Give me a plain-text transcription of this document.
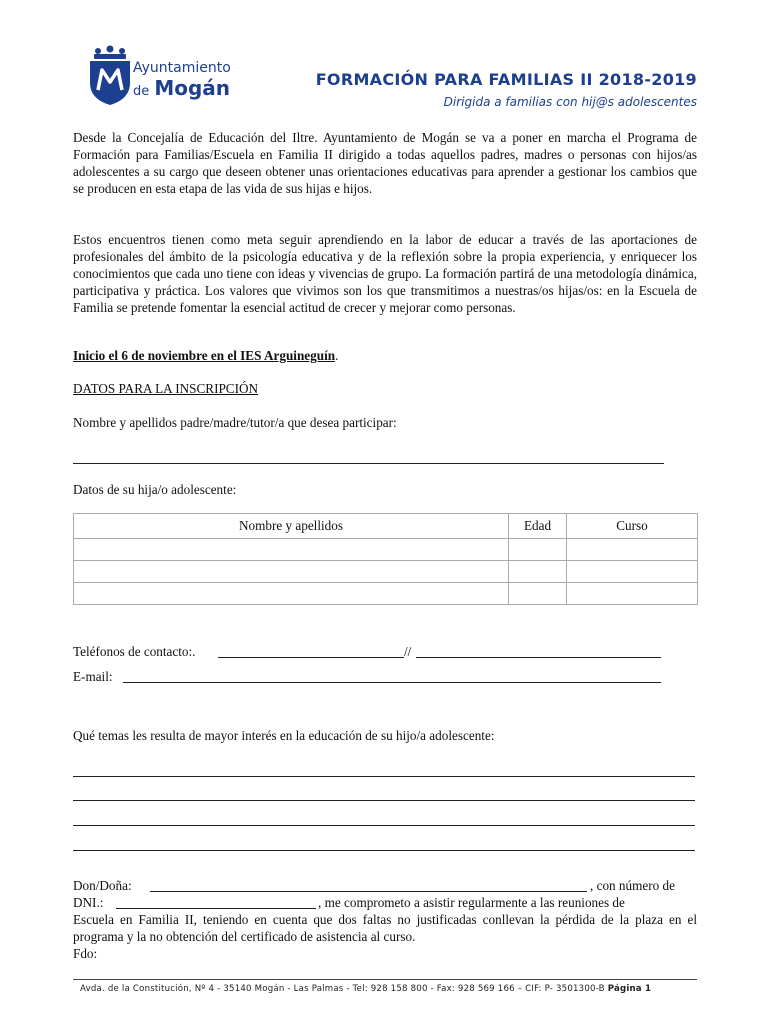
Ayuntamiento
de Mogán	FORMACIÓN PARA FAMILIAS II 2018-2019
Dirigida a familias con hij@s adolescentes

Desde la Concejalía de Educación del Iltre. Ayuntamiento de Mogán se va a poner en marcha el Programa de Formación para Familias/Escuela en Familia II dirigido a todas aquellos padres, madres o personas con hijos/as adolescentes a su cargo que deseen obtener unas orientaciones educativas para aprender a gestionar los cambios que se producen en esta etapa de las vida de sus hijas e hijos.

Estos encuentros tienen como meta seguir aprendiendo en la labor de educar a través de las aportaciones de profesionales del ámbito de la psicología educativa y de la reflexión sobre la propia experiencia, y enriquecer los conocimientos que cada uno tiene con ideas y vivencias de grupo. La formación partirá de una metodología dinámica, participativa y práctica. Los valores que vivimos son los que transmitimos a nuestras/os hijas/os: en la Escuela de Familia se pretende fomentar la esencial actitud de crecer y mejorar como personas.

Inicio el 6 de noviembre en el IES Arguineguín.
DATOS PARA LA INSCRIPCIÓN
Nombre y apellidos padre/madre/tutor/a que desea participar:
Datos de su hija/o adolescente:
Nombre y apellidos	Edad	Curso

Teléfonos de contacto:.	//
E-mail:
Qué temas les resulta de mayor interés en la educación de su hijo/a adolescente:
Don/Doña:	, con número de
DNI.:	, me comprometo a asistir regularmente a las reuniones de

Escuela en Familia II, teniendo en cuenta que dos faltas no justificadas conllevan la pérdida de la plaza en el programa y la no obtención del certificado de asistencia al curso.

Fdo:
Avda. de la Constitución, Nº 4 - 35140 Mogán - Las Palmas - Tel: 928 158 800 - Fax: 928 569 166 – CIF: P- 3501300-B Página 1
